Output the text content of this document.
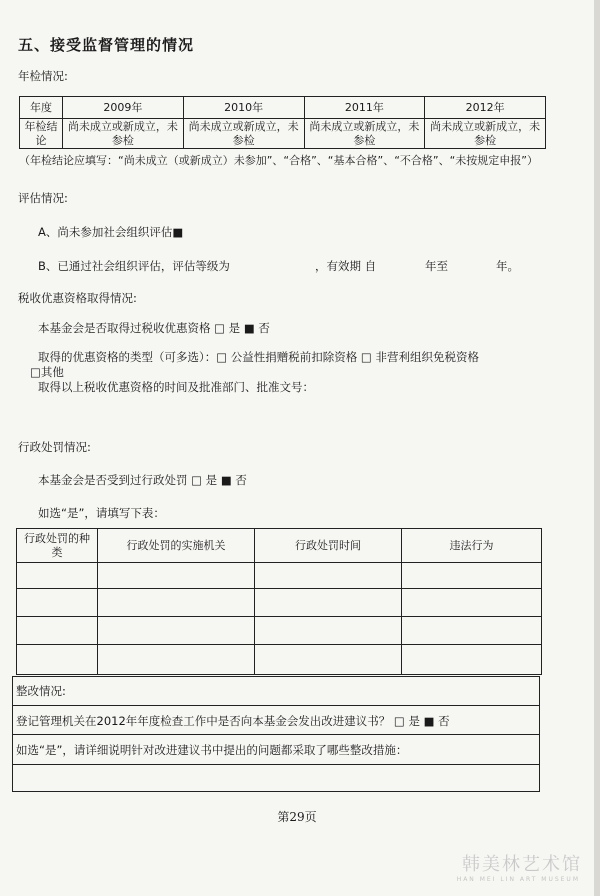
五、接受监督管理的情况
年检情况:
年度	2009年	2010年	2011年	2012年
年检结论	尚未成立或新成立，未参检	尚未成立或新成立，未参检	尚未成立或新成立，未参检	尚未成立或新成立，未参检
（年检结论应填写：“尚未成立（或新成立）未参加”、“合格”、“基本合格”、“不合格”、“未按规定申报”）
评估情况:
A、尚未参加社会组织评估■
B、已通过社会组织评估，评估等级为	，有效期 自	年至	年。
税收优惠资格取得情况:
本基金会是否取得过税收优惠资格 □ 是 ■ 否
取得的优惠资格的类型（可多选）：□ 公益性捐赠税前扣除资格 □ 非营利组织免税资格
□其他
取得以上税收优惠资格的时间及批准部门、批准文号：
行政处罚情况:
本基金会是否受到过行政处罚 □ 是 ■ 否
如选“是”，请填写下表：
行政处罚的种类	行政处罚的实施机关	行政处罚时间	违法行为

整改情况:
登记管理机关在2012年年度检查工作中是否向本基金会发出改进建议书？ □ 是 ■ 否
如选“是”，请详细说明针对改进建议书中提出的问题都采取了哪些整改措施：
第29页
韩美林艺术馆
HAN MEI LIN ART MUSEUM
